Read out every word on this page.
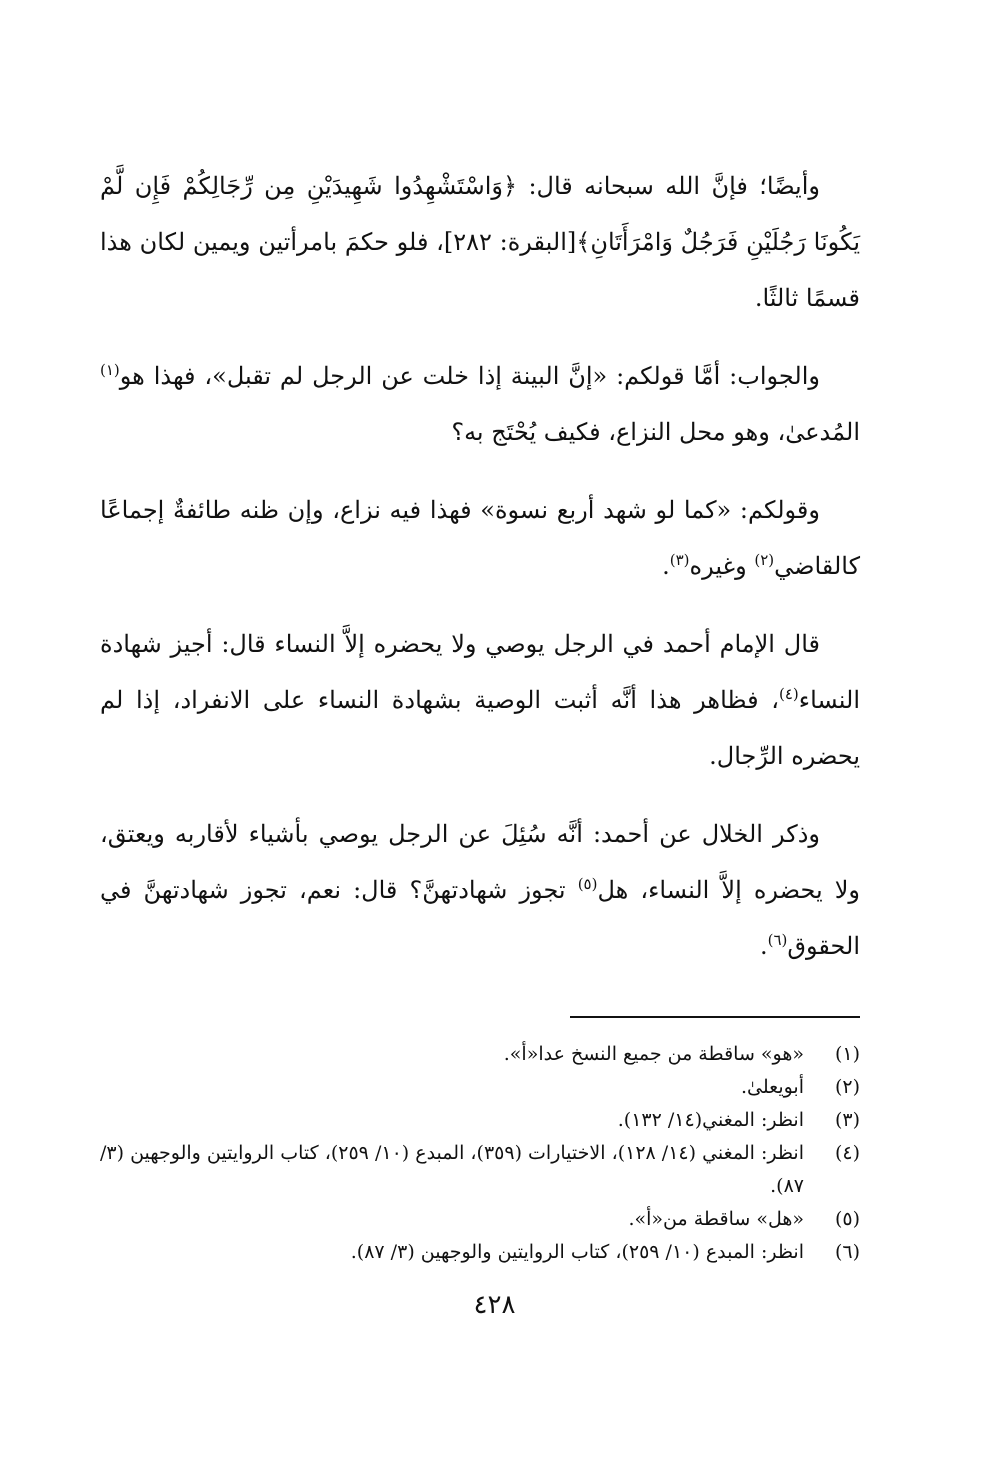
وأيضًا؛ فإنَّ الله سبحانه قال: ﴿وَاسْتَشْهِدُوا شَهِيدَيْنِ مِن رِّجَالِكُمْ فَإِن لَّمْ يَكُونَا رَجُلَيْنِ فَرَجُلٌ وَامْرَأَتَانِ﴾[البقرة: ٢٨٢]، فلو حكمَ بامرأتين ويمين لكان هذا قسمًا ثالثًا.

والجواب: أمَّا قولكم: «إنَّ البينة إذا خلت عن الرجل لم تقبل»، فهذا هو$^{(١)}$ المُدعىٰ، وهو محل النزاع، فكيف يُحْتَج به؟

وقولكم: «كما لو شهد أربع نسوة» فهذا فيه نزاع، وإن ظنه طائفةٌ إجماعًا كالقاضي$^{(٢)}$ وغيره$^{(٣)}$.

قال الإمام أحمد في الرجل يوصي ولا يحضره إلاَّ النساء قال: أجيز شهادة النساء$^{(٤)}$، فظاهر هذا أنَّه أثبت الوصية بشهادة النساء على الانفراد، إذا لم يحضره الرِّجال.

وذكر الخلال عن أحمد: أنَّه سُئِلَ عن الرجل يوصي بأشياء لأقاربه ويعتق، ولا يحضره إلاَّ النساء، هل$^{(٥)}$ تجوز شهادتهنَّ؟ قال: نعم، تجوز شهادتهنَّ في الحقوق$^{(٦)}$.

(١)
«هو» ساقطة من جميع النسخ عدا«أ».
(٢)
أبويعلىٰ.
(٣)
انظر: المغني(١٤/ ١٣٢).
(٤)
انظر: المغني (١٤/ ١٢٨)، الاختيارات (٣٥٩)، المبدع (١٠/ ٢٥٩)، كتاب الروايتين والوجهين (٣/ ٨٧).
(٥)
«هل» ساقطة من«أ».
(٦)
انظر: المبدع (١٠/ ٢٥٩)، كتاب الروايتين والوجهين (٣/ ٨٧).
٤٢٨
